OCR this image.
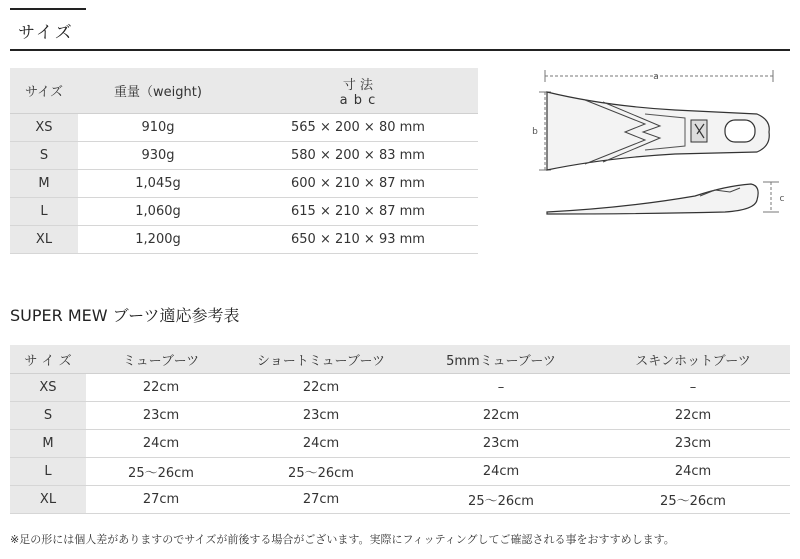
サイズ
サイズ	重量（weight)	寸 法
a b c

XS	910g	565 × 200 × 80 mm
S	930g	580 × 200 × 83 mm
M	1,045g	600 × 210 × 87 mm
L	1,060g	615 × 210 × 87 mm
XL	1,200g	650 × 210 × 93 mm
a
b
c
SUPER MEW ブーツ適応参考表
サ イ ズ	ミューブーツ	ショートミューブーツ	5mmミューブーツ	スキンホットブーツ
XS	22cm	22cm	–	–
S	23cm	23cm	22cm	22cm
M	24cm	24cm	23cm	23cm
L	25～26cm	25～26cm	24cm	24cm
XL	27cm	27cm	25～26cm	25～26cm
※足の形には個人差がありますのでサイズが前後する場合がございます。実際にフィッティングしてご確認される事をおすすめします。
